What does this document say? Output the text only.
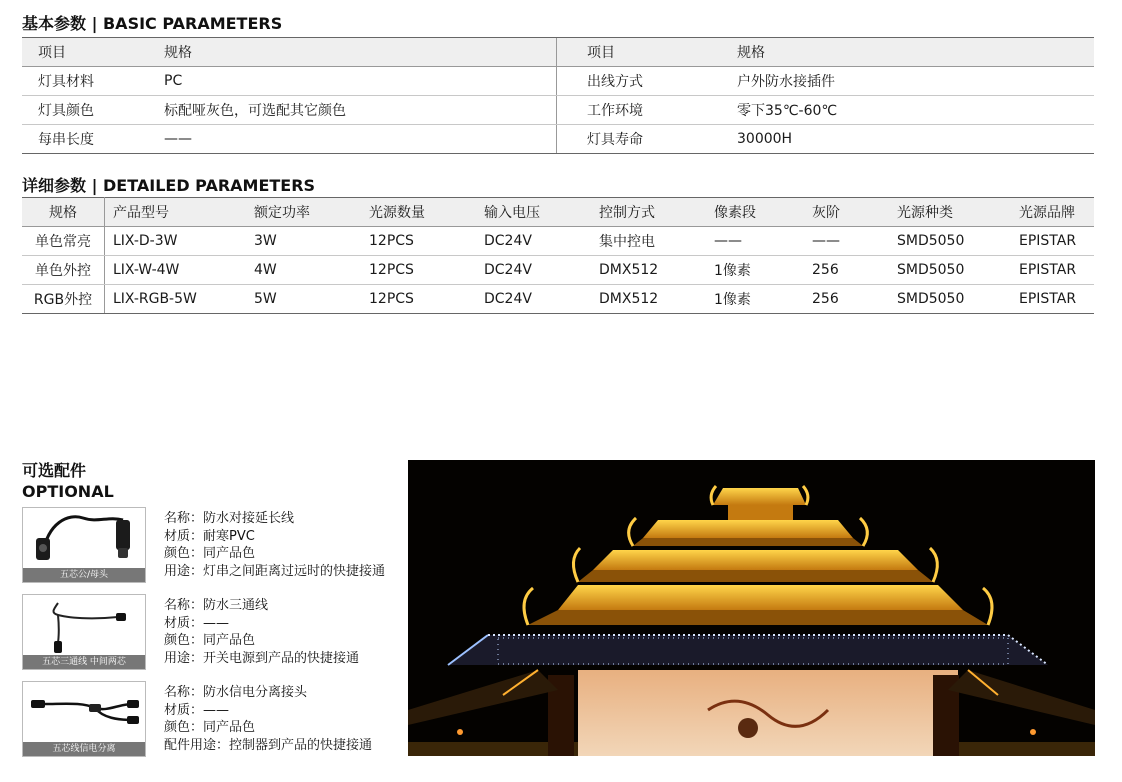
基本参数 | BASIC PARAMETERS
项目	规格	项目	规格
灯具材料	PC	出线方式	户外防水接插件
灯具颜色	标配哑灰色，可选配其它颜色	工作环境	零下35℃-60℃
每串长度	——	灯具寿命	30000H
详细参数 | DETAILED PARAMETERS
规格	产品型号	额定功率	光源数量	输入电压	控制方式	像素段	灰阶	光源种类	光源品牌
单色常亮	LIX-D-3W	3W	12PCS	DC24V	集中控电	——	——	SMD5050	EPISTAR
单色外控	LIX-W-4W	4W	12PCS	DC24V	DMX512	1像素	256	SMD5050	EPISTAR
RGB外控	LIX-RGB-5W	5W	12PCS	DC24V	DMX512	1像素	256	SMD5050	EPISTAR
可选配件
OPTIONAL
五芯公/母头
名称：防水对接延长线
材质：耐寒PVC
颜色：同产品色
用途：灯串之间距离过远时的快捷接通
五芯三通线 中间两芯
名称：防水三通线
材质：——
颜色：同产品色
用途：开关电源到产品的快捷接通
五芯线信电分离
名称：防水信电分离接头
材质：——
颜色：同产品色
配件用途：控制器到产品的快捷接通
